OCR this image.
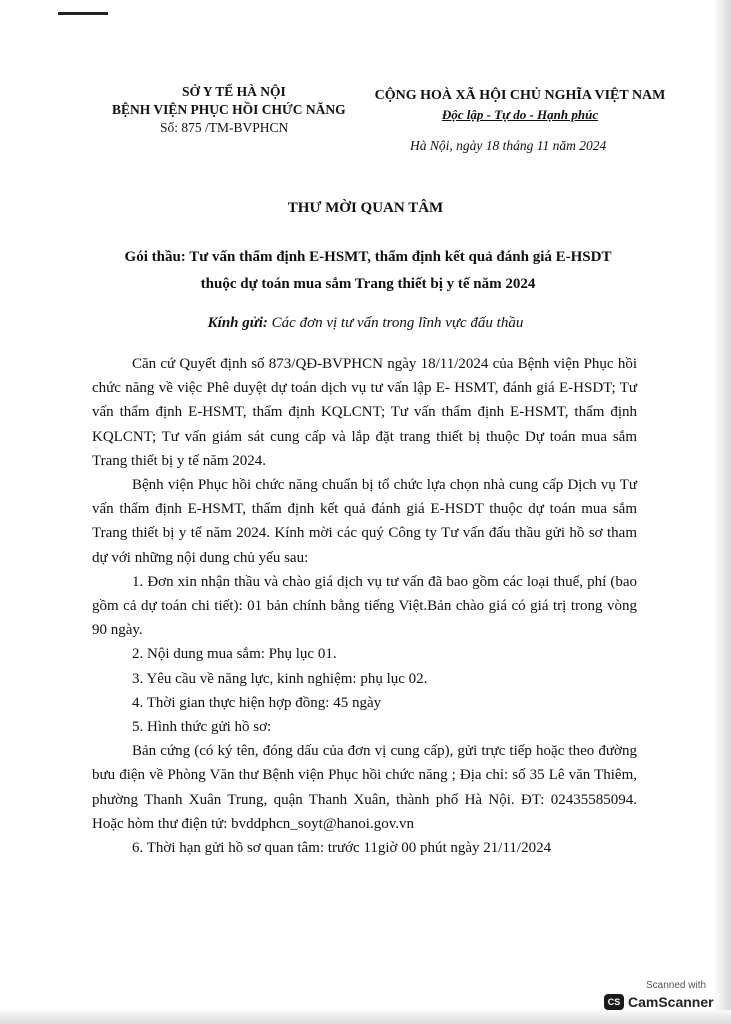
SỞ Y TẾ HÀ NỘI
BỆNH VIỆN PHỤC HỒI CHỨC NĂNG
Số: 875 /TM-BVPHCN
CỘNG HOÀ XÃ HỘI CHỦ NGHĨA VIỆT NAM
Độc lập - Tự do - Hạnh phúc
Hà Nội, ngày 18 tháng 11 năm 2024
THƯ MỜI QUAN TÂM
Gói thầu: Tư vấn thẩm định E-HSMT, thẩm định kết quả đánh giá E-HSDT thuộc dự toán mua sắm Trang thiết bị y tế năm 2024
Kính gửi: Các đơn vị tư vấn trong lĩnh vực đấu thầu

Căn cứ Quyết định số 873/QĐ-BVPHCN ngày 18/11/2024 của Bệnh viện Phục hồi chức năng về việc Phê duyệt dự toán dịch vụ tư vấn lập E- HSMT, đánh giá E-HSDT; Tư vấn thẩm định E-HSMT, thẩm định KQLCNT; Tư vấn thẩm định E-HSMT, thẩm định KQLCNT; Tư vấn giám sát cung cấp và lắp đặt trang thiết bị thuộc Dự toán mua sắm Trang thiết bị y tế năm 2024.

Bệnh viện Phục hồi chức năng chuẩn bị tổ chức lựa chọn nhà cung cấp Dịch vụ Tư vấn thẩm định E-HSMT, thẩm định kết quả đánh giá E-HSDT thuộc dự toán mua sắm Trang thiết bị y tế năm 2024. Kính mời các quý Công ty Tư vấn đấu thầu gửi hồ sơ tham dự với những nội dung chủ yếu sau:

1. Đơn xin nhận thầu và chào giá dịch vụ tư vấn đã bao gồm các loại thuế, phí (bao gồm cả dự toán chi tiết): 01 bản chính bằng tiếng Việt.Bản chào giá có giá trị trong vòng 90 ngày.

2. Nội dung mua sắm: Phụ lục 01.

3. Yêu cầu về năng lực, kinh nghiệm: phụ lục 02.

4. Thời gian thực hiện hợp đồng: 45 ngày

5. Hình thức gửi hồ sơ:

Bản cứng (có ký tên, đóng dấu của đơn vị cung cấp), gửi trực tiếp hoặc theo đường bưu điện về Phòng Văn thư Bệnh viện Phục hồi chức năng ; Địa chỉ: số 35 Lê văn Thiêm, phường Thanh Xuân Trung, quận Thanh Xuân, thành phố Hà Nội. ĐT: 02435585094. Hoặc hòm thư điện tử: bvddphcn_soyt@hanoi.gov.vn

6. Thời hạn gửi hồ sơ quan tâm: trước 11giờ 00 phút ngày 21/11/2024

Scanned with
CS CamScanner
